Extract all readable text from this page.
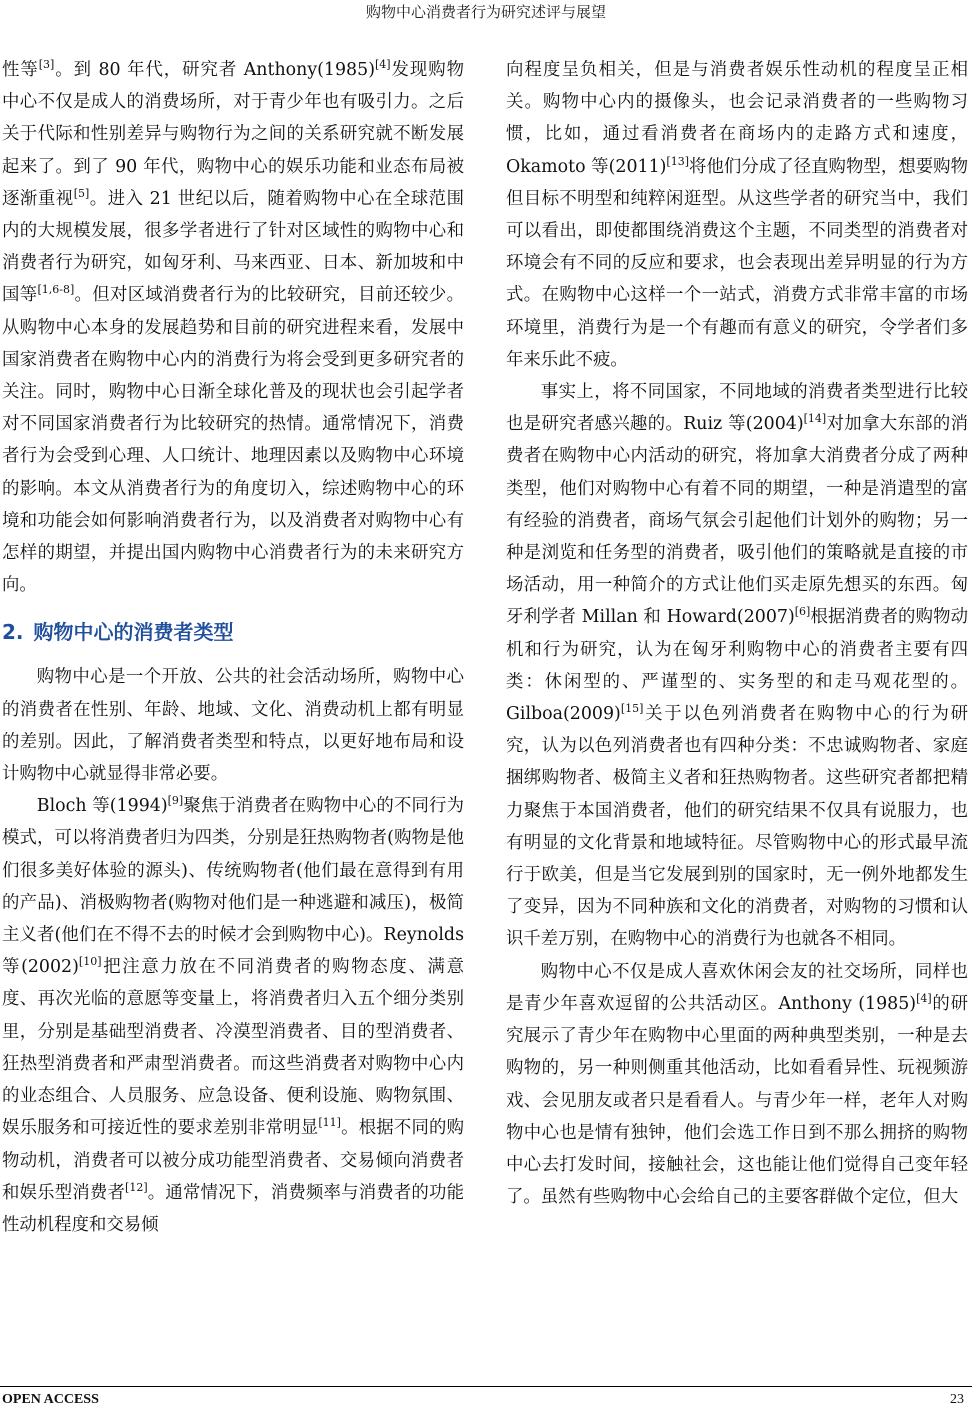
购物中心消费者行为研究述评与展望

性等[3]。到 80 年代，研究者 Anthony(1985)[4]发现购物中心不仅是成人的消费场所，对于青少年也有吸引力。之后关于代际和性别差异与购物行为之间的关系研究就不断发展起来了。到了 90 年代，购物中心的娱乐功能和业态布局被逐渐重视[5]。进入 21 世纪以后，随着购物中心在全球范围内的大规模发展，很多学者进行了针对区域性的购物中心和消费者行为研究，如匈牙利、马来西亚、日本、新加坡和中国等[1,6-8]。但对区域消费者行为的比较研究，目前还较少。从购物中心本身的发展趋势和目前的研究进程来看，发展中国家消费者在购物中心内的消费行为将会受到更多研究者的关注。同时，购物中心日渐全球化普及的现状也会引起学者对不同国家消费者行为比较研究的热情。通常情况下，消费者行为会受到心理、人口统计、地理因素以及购物中心环境的影响。本文从消费者行为的角度切入，综述购物中心的环境和功能会如何影响消费者行为，以及消费者对购物中心有怎样的期望，并提出国内购物中心消费者行为的未来研究方向。

2. 购物中心的消费者类型

购物中心是一个开放、公共的社会活动场所，购物中心的消费者在性别、年龄、地域、文化、消费动机上都有明显的差别。因此，了解消费者类型和特点，以更好地布局和设计购物中心就显得非常必要。

Bloch 等(1994)[9]聚焦于消费者在购物中心的不同行为模式，可以将消费者归为四类，分别是狂热购物者(购物是他们很多美好体验的源头)、传统购物者(他们最在意得到有用的产品)、消极购物者(购物对他们是一种逃避和减压)，极简主义者(他们在不得不去的时候才会到购物中心)。Reynolds 等(2002)[10]把注意力放在不同消费者的购物态度、满意度、再次光临的意愿等变量上，将消费者归入五个细分类别里，分别是基础型消费者、冷漠型消费者、目的型消费者、狂热型消费者和严肃型消费者。而这些消费者对购物中心内的业态组合、人员服务、应急设备、便利设施、购物氛围、娱乐服务和可接近性的要求差别非常明显[11]。根据不同的购物动机，消费者可以被分成功能型消费者、交易倾向消费者和娱乐型消费者[12]。通常情况下，消费频率与消费者的功能性动机程度和交易倾

向程度呈负相关，但是与消费者娱乐性动机的程度呈正相关。购物中心内的摄像头，也会记录消费者的一些购物习惯，比如，通过看消费者在商场内的走路方式和速度，Okamoto 等(2011)[13]将他们分成了径直购物型，想要购物但目标不明型和纯粹闲逛型。从这些学者的研究当中，我们可以看出，即使都围绕消费这个主题，不同类型的消费者对环境会有不同的反应和要求，也会表现出差异明显的行为方式。在购物中心这样一个一站式，消费方式非常丰富的市场环境里，消费行为是一个有趣而有意义的研究，令学者们多年来乐此不疲。

事实上，将不同国家，不同地域的消费者类型进行比较也是研究者感兴趣的。Ruiz 等(2004)[14]对加拿大东部的消费者在购物中心内活动的研究，将加拿大消费者分成了两种类型，他们对购物中心有着不同的期望，一种是消遣型的富有经验的消费者，商场气氛会引起他们计划外的购物；另一种是浏览和任务型的消费者，吸引他们的策略就是直接的市场活动，用一种简介的方式让他们买走原先想买的东西。匈牙利学者 Millan 和 Howard(2007)[6]根据消费者的购物动机和行为研究，认为在匈牙利购物中心的消费者主要有四类：休闲型的、严谨型的、实务型的和走马观花型的。Gilboa(2009)[15]关于以色列消费者在购物中心的行为研究，认为以色列消费者也有四种分类：不忠诚购物者、家庭捆绑购物者、极简主义者和狂热购物者。这些研究者都把精力聚焦于本国消费者，他们的研究结果不仅具有说服力，也有明显的文化背景和地域特征。尽管购物中心的形式最早流行于欧美，但是当它发展到别的国家时，无一例外地都发生了变异，因为不同种族和文化的消费者，对购物的习惯和认识千差万别，在购物中心的消费行为也就各不相同。

购物中心不仅是成人喜欢休闲会友的社交场所，同样也是青少年喜欢逗留的公共活动区。Anthony (1985)[4]的研究展示了青少年在购物中心里面的两种典型类别，一种是去购物的，另一种则侧重其他活动，比如看看异性、玩视频游戏、会见朋友或者只是看看人。与青少年一样，老年人对购物中心也是情有独钟，他们会选工作日到不那么拥挤的购物中心去打发时间，接触社会，这也能让他们觉得自己变年轻了。虽然有些购物中心会给自己的主要客群做个定位，但大

OPEN ACCESS	23
